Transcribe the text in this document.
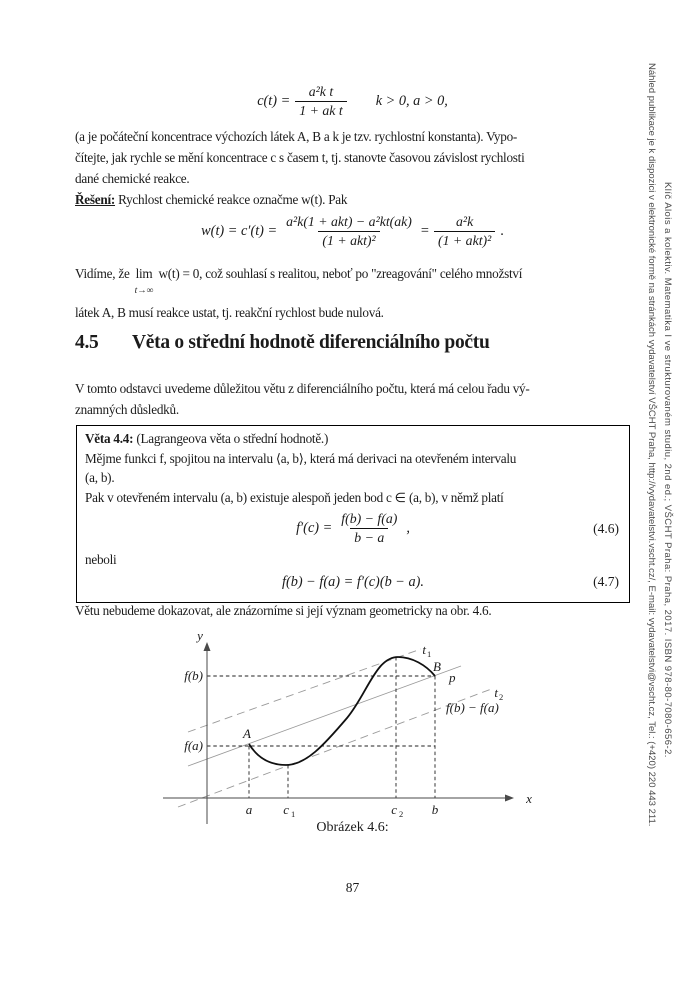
$c(t) = \frac{\text{a²k t}}{\text{1 + ak t}}$ k > 0, a > 0,
(a je počáteční koncentrace výchozích látek A, B a k je tzv. rychlostní konstanta). Vypo-
čítejte, jak rychle se mění koncentrace c s časem t, tj. stanovte časovou závislost rychlosti
dané chemické reakce.
Řešení: Rychlost chemické reakce označme w(t). Pak
$w(t) = c'(t) = \frac{\text{a²k(1 + akt) − a²kt(ak)}}{\text{(1 + akt)²}} = \frac{\text{a²k}}{\text{(1 + akt)²}}$ .
Vidíme, že lim
t→∞
w(t) = 0, což souhlasí s realitou, neboť po "zreagování" celého množství
látek A, B musí reakce ustat, tj. reakční rychlost bude nulová.
4.5	Věta o střední hodnotě diferenciálního počtu
V tomto odstavci uvedeme důležitou větu z diferenciálního počtu, která má celou řadu vý-
znamných důsledků.
Věta 4.4: (Lagrangeova věta o střední hodnotě.)
Mějme funkci f, spojitou na intervalu ⟨a, b⟩, která má derivaci na otevřeném intervalu
(a, b).
Pak v otevřeném intervalu (a, b) existuje alespoň jeden bod c ∈ (a, b), v němž platí
$f'(c) = \frac{f(b) - f(a)}{b - a}$ ,	(4.6)
neboli
f(b) − f(a) = f′(c)(b − a).	(4.7)
Větu nebudeme dokazovat, ale znázorníme si její význam geometricky na obr. 4.6.
y
x
f(b)
f(a)
A
B
a c 1	c 2 b
t 1
t 2
p
f(b) − f(a)
Obrázek 4.6:
87
Náhled publikace je k dispozici v elektronické formě na stránkách vydavatelství VŠCHT Praha, http://vydavatelstvi.vscht.cz/, E-mail: vydavatelstvi@vscht.cz, Tel.: (+420) 220 443 211. Klíč Alois a kolektiv. Matematika I ve strukturovaném studiu, 2nd ed.; VŠCHT Praha: Praha, 2017. ISBN 978-80-7080-656-2.
